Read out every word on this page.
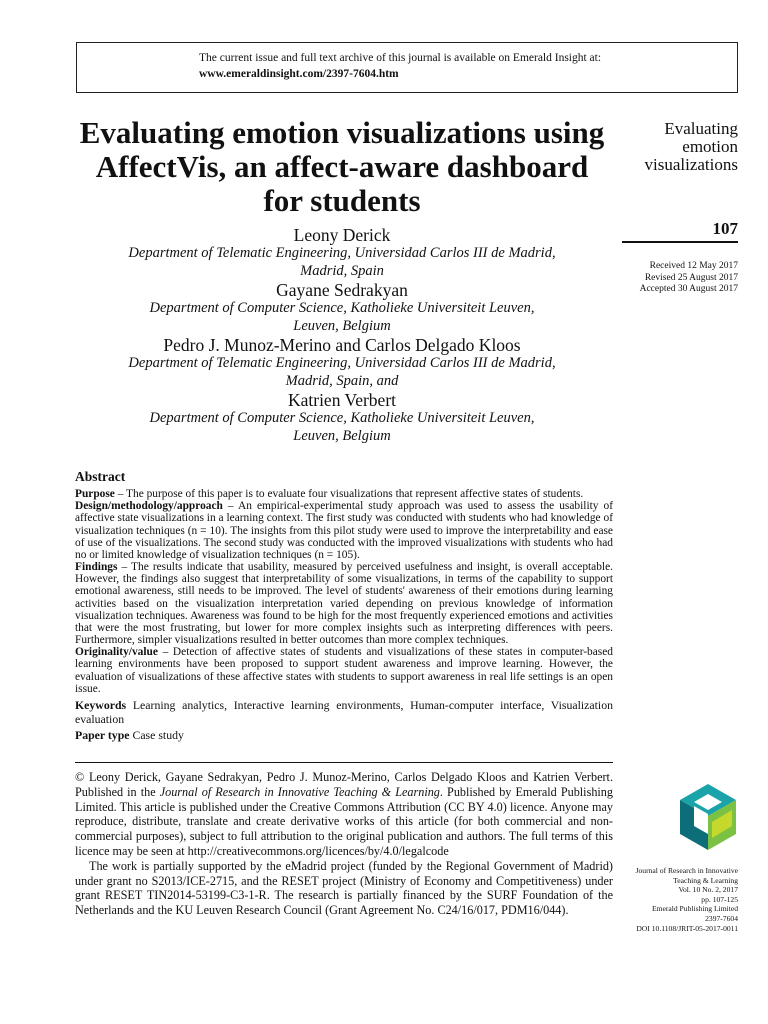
The current issue and full text archive of this journal is available on Emerald Insight at:
www.emeraldinsight.com/2397-7604.htm
Evaluating emotion visualizations using AffectVis, an affect-aware dashboard for students
Evaluating
emotion
visualizations
107
Received 12 May 2017
Revised 25 August 2017
Accepted 30 August 2017
Leony Derick
Department of Telematic Engineering, Universidad Carlos III de Madrid,
Madrid, Spain
Gayane Sedrakyan
Department of Computer Science, Katholieke Universiteit Leuven,
Leuven, Belgium
Pedro J. Munoz-Merino and Carlos Delgado Kloos
Department of Telematic Engineering, Universidad Carlos III de Madrid,
Madrid, Spain, and
Katrien Verbert
Department of Computer Science, Katholieke Universiteit Leuven,
Leuven, Belgium
Abstract

Purpose – The purpose of this paper is to evaluate four visualizations that represent affective states of students.

Design/methodology/approach – An empirical-experimental study approach was used to assess the usability of affective state visualizations in a learning context. The first study was conducted with students who had knowledge of visualization techniques (n = 10). The insights from this pilot study were used to improve the interpretability and ease of use of the visualizations. The second study was conducted with the improved visualizations with students who had no or limited knowledge of visualization techniques (n = 105).

Findings – The results indicate that usability, measured by perceived usefulness and insight, is overall acceptable. However, the findings also suggest that interpretability of some visualizations, in terms of the capability to support emotional awareness, still needs to be improved. The level of students' awareness of their emotions during learning activities based on the visualization interpretation varied depending on previous knowledge of information visualization techniques. Awareness was found to be high for the most frequently experienced emotions and activities that were the most frustrating, but lower for more complex insights such as interpreting differences with peers. Furthermore, simpler visualizations resulted in better outcomes than more complex techniques.

Originality/value – Detection of affective states of students and visualizations of these states in computer-based learning environments have been proposed to support student awareness and improve learning. However, the evaluation of visualizations of these affective states with students to support awareness in real life settings is an open issue.

Keywords Learning analytics, Interactive learning environments, Human-computer interface, Visualization evaluation

Paper type Case study

© Leony Derick, Gayane Sedrakyan, Pedro J. Munoz-Merino, Carlos Delgado Kloos and Katrien Verbert. Published in the Journal of Research in Innovative Teaching & Learning. Published by Emerald Publishing Limited. This article is published under the Creative Commons Attribution (CC BY 4.0) licence. Anyone may reproduce, distribute, translate and create derivative works of this article (for both commercial and non-commercial purposes), subject to full attribution to the original publication and authors. The full terms of this licence may be seen at http://creativecommons.org/licences/by/4.0/legalcode

The work is partially supported by the eMadrid project (funded by the Regional Government of Madrid) under grant no S2013/ICE-2715, and the RESET project (Ministry of Economy and Competitiveness) under grant RESET TIN2014-53199-C3-1-R. The research is partially financed by the SURF Foundation of the Netherlands and the KU Leuven Research Council (Grant Agreement No. C24/16/017, PDM16/044).

Journal of Research in Innovative
Teaching & Learning
Vol. 10 No. 2, 2017
pp. 107-125
Emerald Publishing Limited
2397-7604
DOI 10.1108/JRIT-05-2017-0011
